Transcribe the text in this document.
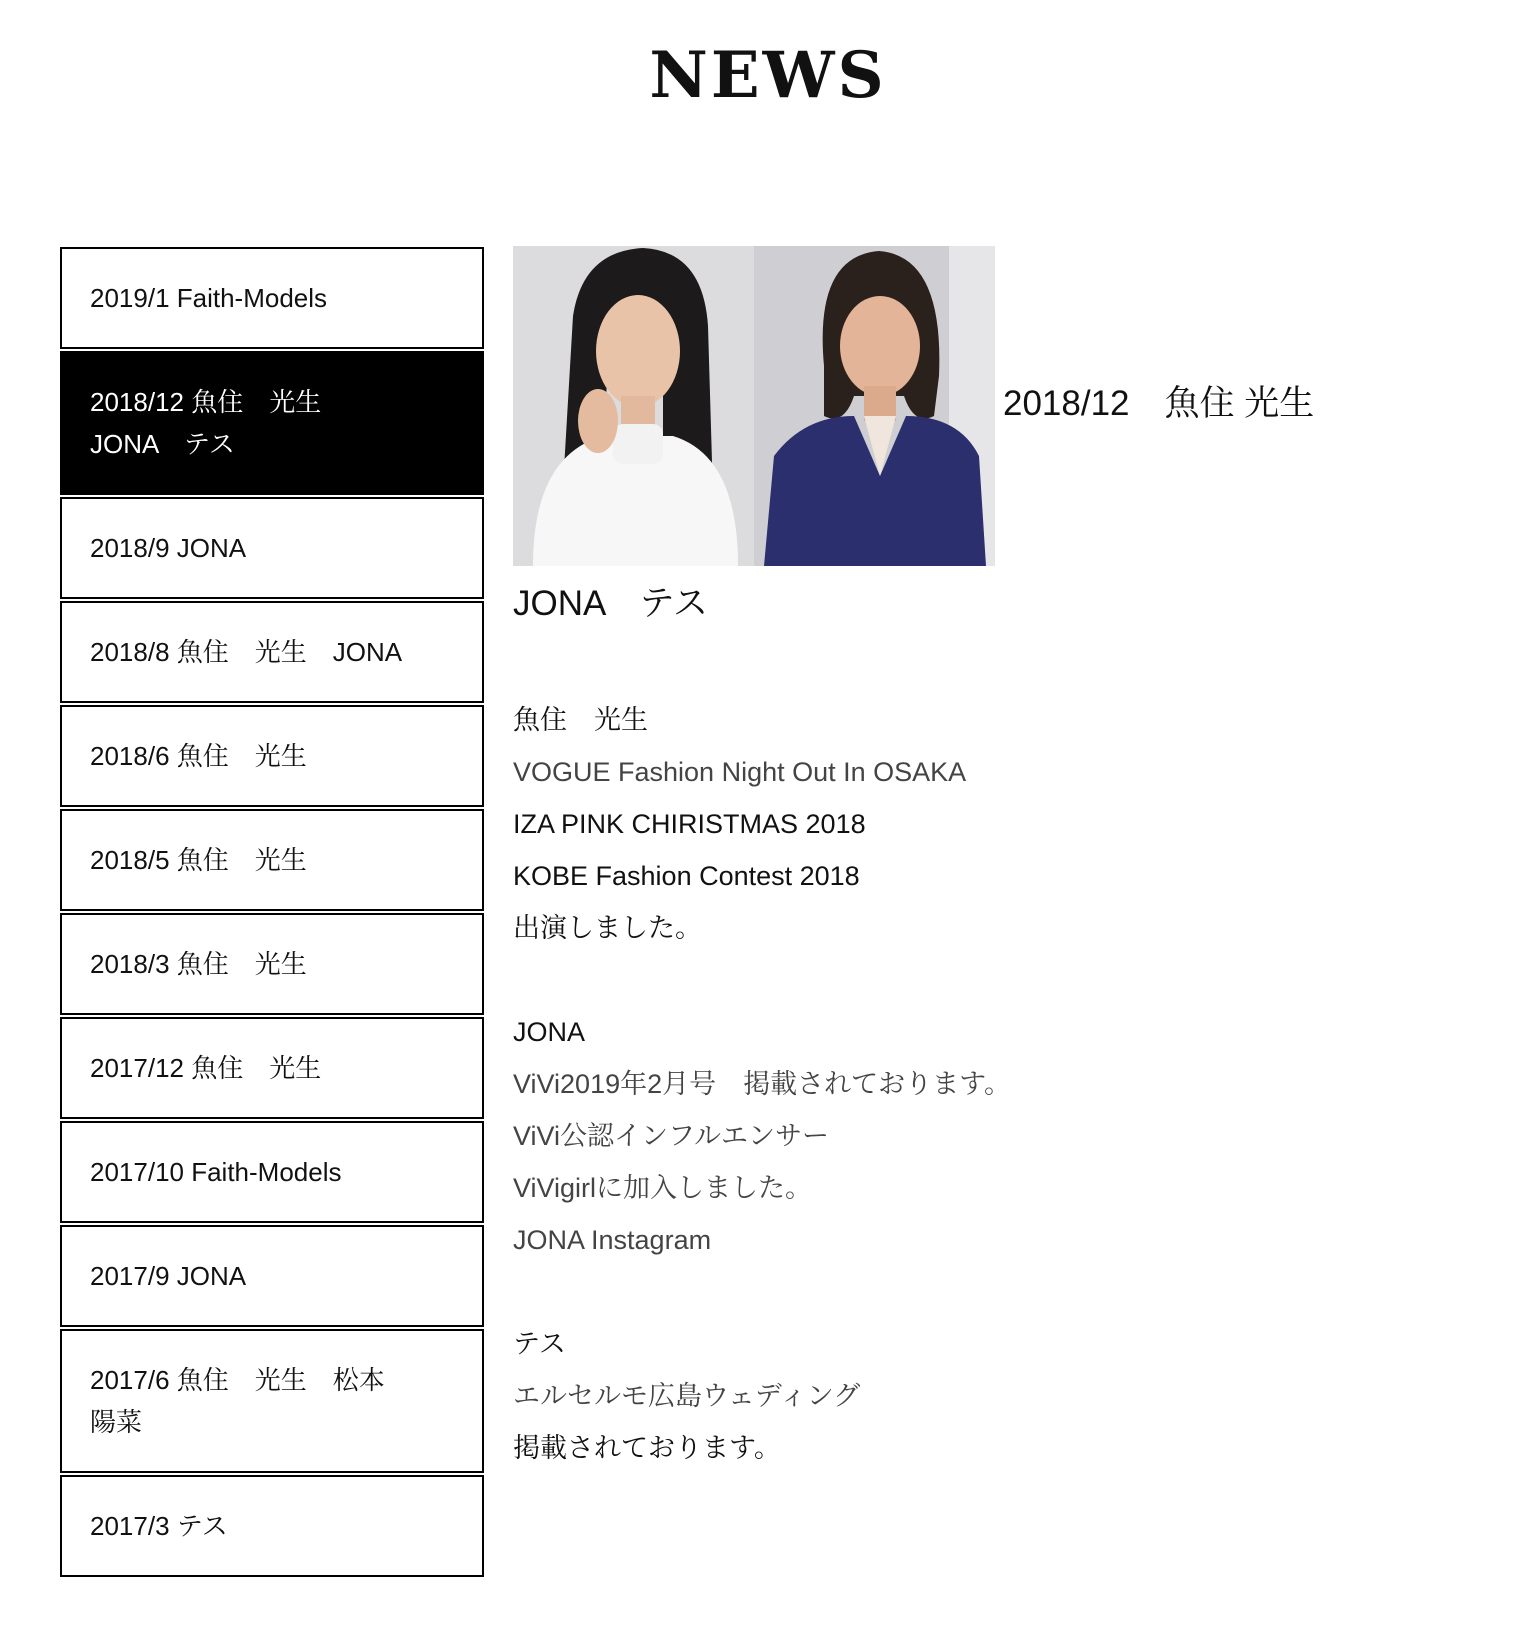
NEWS
2019/1 Faith-Models
2018/12 魚住　光生
JONA　テス
2018/9 JONA
2018/8 魚住　光生　JONA
2018/6 魚住　光生
2018/5 魚住　光生
2018/3 魚住　光生
2017/12 魚住　光生
2017/10 Faith-Models
2017/9 JONA
2017/6 魚住　光生　松本
陽菜
2017/3 テス
2018/12　魚住 光生
JONA　テス
魚住　光生
VOGUE Fashion Night Out In OSAKA
IZA PINK CHIRISTMAS 2018
KOBE Fashion Contest 2018
出演しました。
JONA
ViVi2019年2月号　掲載されております。
ViVi公認インフルエンサー
ViVigirlに加入しました。
JONA Instagram
テス
エルセルモ広島ウェディング
掲載されております。
